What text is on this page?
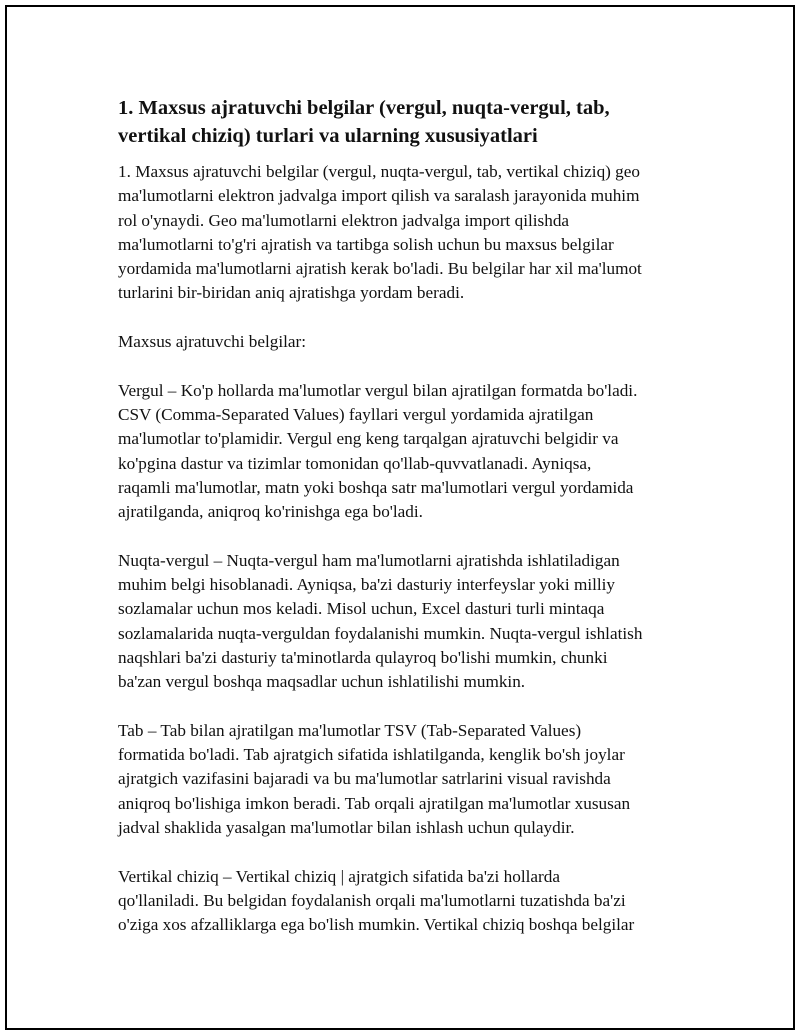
1. Maxsus ajratuvchi belgilar (vergul, nuqta-vergul, tab,
vertikal chiziq) turlari va ularning xususiyatlari

1. Maxsus ajratuvchi belgilar (vergul, nuqta-vergul, tab, vertikal chiziq) geo
ma'lumotlarni elektron jadvalga import qilish va saralash jarayonida muhim
rol o'ynaydi. Geo ma'lumotlarni elektron jadvalga import qilishda
ma'lumotlarni to'g'ri ajratish va tartibga solish uchun bu maxsus belgilar
yordamida ma'lumotlarni ajratish kerak bo'ladi. Bu belgilar har xil ma'lumot
turlarini bir-biridan aniq ajratishga yordam beradi.

Maxsus ajratuvchi belgilar:

Vergul – Ko'p hollarda ma'lumotlar vergul bilan ajratilgan formatda bo'ladi.
CSV (Comma-Separated Values) fayllari vergul yordamida ajratilgan
ma'lumotlar to'plamidir. Vergul eng keng tarqalgan ajratuvchi belgidir va
ko'pgina dastur va tizimlar tomonidan qo'llab-quvvatlanadi. Ayniqsa,
raqamli ma'lumotlar, matn yoki boshqa satr ma'lumotlari vergul yordamida
ajratilganda, aniqroq ko'rinishga ega bo'ladi.

Nuqta-vergul – Nuqta-vergul ham ma'lumotlarni ajratishda ishlatiladigan
muhim belgi hisoblanadi. Ayniqsa, ba'zi dasturiy interfeyslar yoki milliy
sozlamalar uchun mos keladi. Misol uchun, Excel dasturi turli mintaqa
sozlamalarida nuqta-verguldan foydalanishi mumkin. Nuqta-vergul ishlatish
naqshlari ba'zi dasturiy ta'minotlarda qulayroq bo'lishi mumkin, chunki
ba'zan vergul boshqa maqsadlar uchun ishlatilishi mumkin.

Tab – Tab bilan ajratilgan ma'lumotlar TSV (Tab-Separated Values)
formatida bo'ladi. Tab ajratgich sifatida ishlatilganda, kenglik bo'sh joylar
ajratgich vazifasini bajaradi va bu ma'lumotlar satrlarini visual ravishda
aniqroq bo'lishiga imkon beradi. Tab orqali ajratilgan ma'lumotlar xususan
jadval shaklida yasalgan ma'lumotlar bilan ishlash uchun qulaydir.

Vertikal chiziq – Vertikal chiziq | ajratgich sifatida ba'zi hollarda
qo'llaniladi. Bu belgidan foydalanish orqali ma'lumotlarni tuzatishda ba'zi
o'ziga xos afzalliklarga ega bo'lish mumkin. Vertikal chiziq boshqa belgilar
